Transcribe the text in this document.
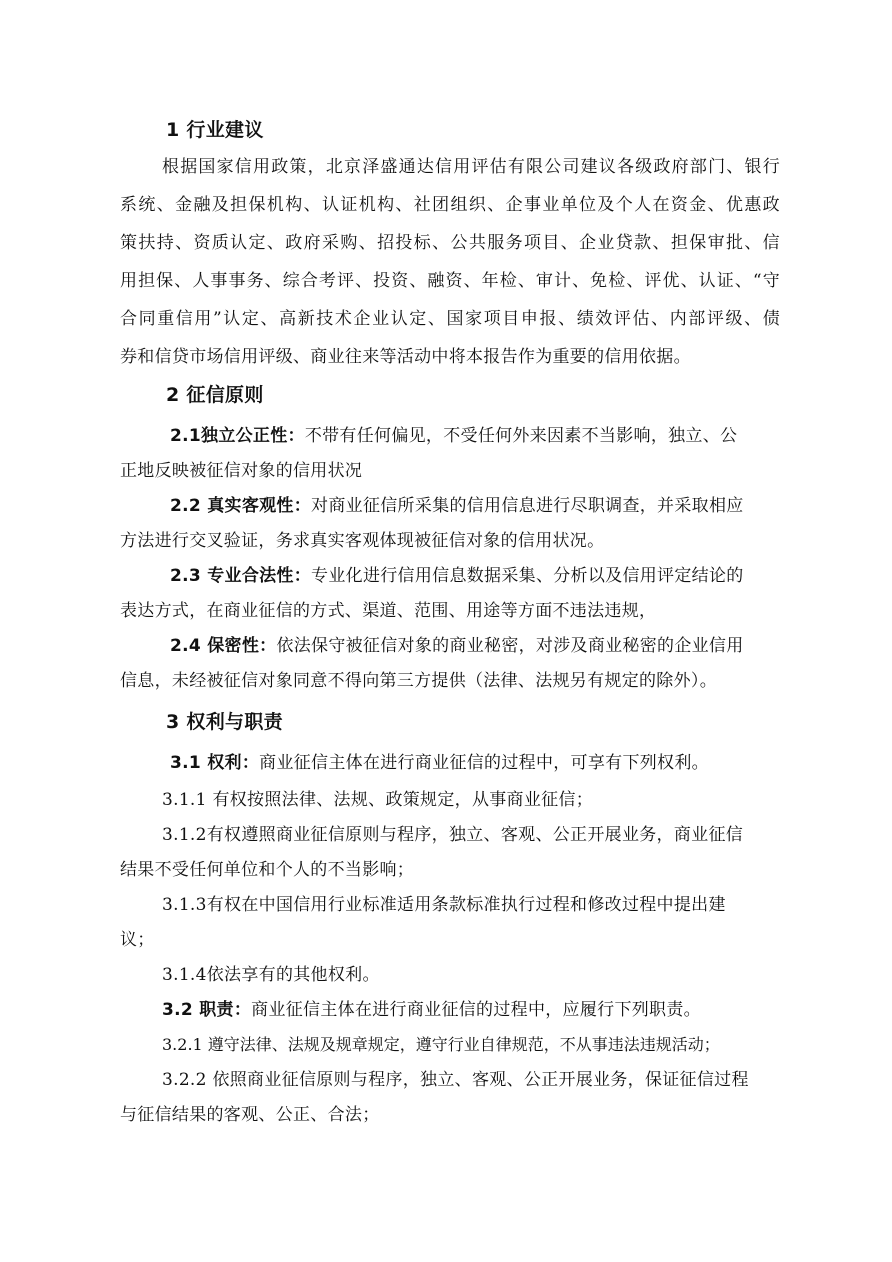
1 行业建议
根据国家信用政策，北京泽盛通达信用评估有限公司建议各级政府部门、银行
系统、金融及担保机构、认证机构、社团组织、企事业单位及个人在资金、优惠政
策扶持、资质认定、政府采购、招投标、公共服务项目、企业贷款、担保审批、信
用担保、人事事务、综合考评、投资、融资、年检、审计、免检、评优、认证、“守
合同重信用”认定、高新技术企业认定、国家项目申报、绩效评估、内部评级、债
券和信贷市场信用评级、商业往来等活动中将本报告作为重要的信用依据。
2 征信原则
2.1独立公正性：不带有任何偏见，不受任何外来因素不当影响，独立、公
正地反映被征信对象的信用状况
2.2 真实客观性：对商业征信所采集的信用信息进行尽职调查，并采取相应
方法进行交叉验证，务求真实客观体现被征信对象的信用状况。
2.3 专业合法性：专业化进行信用信息数据采集、分析以及信用评定结论的
表达方式，在商业征信的方式、渠道、范围、用途等方面不违法违规，
2.4 保密性：依法保守被征信对象的商业秘密，对涉及商业秘密的企业信用
信息，未经被征信对象同意不得向第三方提供（法律、法规另有规定的除外）。
3 权利与职责
3.1 权利：商业征信主体在进行商业征信的过程中，可享有下列权利。
3.1.1 有权按照法律、法规、政策规定，从事商业征信；
3.1.2有权遵照商业征信原则与程序，独立、客观、公正开展业务，商业征信
结果不受任何单位和个人的不当影响；
3.1.3有权在中国信用行业标准适用条款标准执行过程和修改过程中提出建
议；
3.1.4依法享有的其他权利。
3.2 职责：商业征信主体在进行商业征信的过程中，应履行下列职责。
3.2.1 遵守法律、法规及规章规定，遵守行业自律规范，不从事违法违规活动；
3.2.2 依照商业征信原则与程序，独立、客观、公正开展业务，保证征信过程
与征信结果的客观、公正、合法；
